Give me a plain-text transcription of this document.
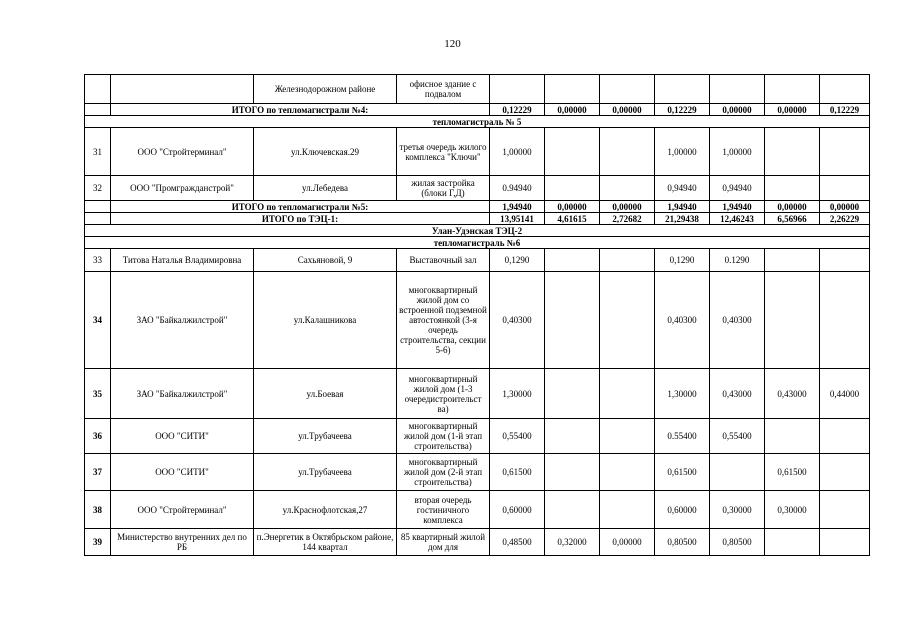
120
		Железнодорожном районе	офисное здание с подвалом							
	ИТОГО по тепломагистрали №4:			0,12229	0,00000	0,00000	0,12229	0,00000	0,00000	0,12229
тепломагистраль № 5										
31	ООО "Стройтерминал"	ул.Ключевская.29	третья очередь жилого комплекса "Ключи"	1,00000			1,00000	1,00000		
32	ООО "Промгражданстрой"	ул.Лебедева	жилая застройка (блоки Г,Д)	0.94940			0,94940	0,94940		
	ИТОГО по тепломагистрали №5:			1,94940	0,00000	0,00000	1,94940	1,94940	0,00000	0,00000
	ИТОГО по ТЭЦ-1:			13,95141	4,61615	2,72682	21,29438	12,46243	6,56966	2,26229
Улан-Удэнская ТЭЦ-2										
тепломагистраль №6										
33	Титова Наталья Владимировна	Сахьяновой, 9	Выставочный зал	0,1290			0,1290	0.1290		
34	ЗАО "Байкалжилстрой"	ул.Калашникова	многоквартирный жилой дом со встроенной подземной автостоянкой (3-я очередь строительства, секции 5-6)	0,40300			0,40300	0,40300		
35	ЗАО "Байкалжилстрой"	ул.Боевая	многоквартирный жилой дом (1-3 очередистроительст ва)	1,30000			1,30000	0,43000	0,43000	0,44000
36	ООО "СИТИ"	ул.Трубачеева	многоквартирный жилой дом (1-й этап строительства)	0,55400			0.55400	0,55400		
37	ООО "СИТИ"	ул.Трубачеева	многоквартирный жилой дом (2-й этап строительства)	0,61500			0,61500		0,61500	
38	ООО "Стройтерминал"	ул.Краснофлотская,27	вторая очередь гостиничного комплекса	0,60000			0,60000	0,30000	0,30000	
39	Министерство внутренних дел по РБ	п.Энергетик в Октябрьском районе, 144 квартал	85 квартирный жилой дом для	0,48500	0,32000	0,00000	0,80500	0,80500		
